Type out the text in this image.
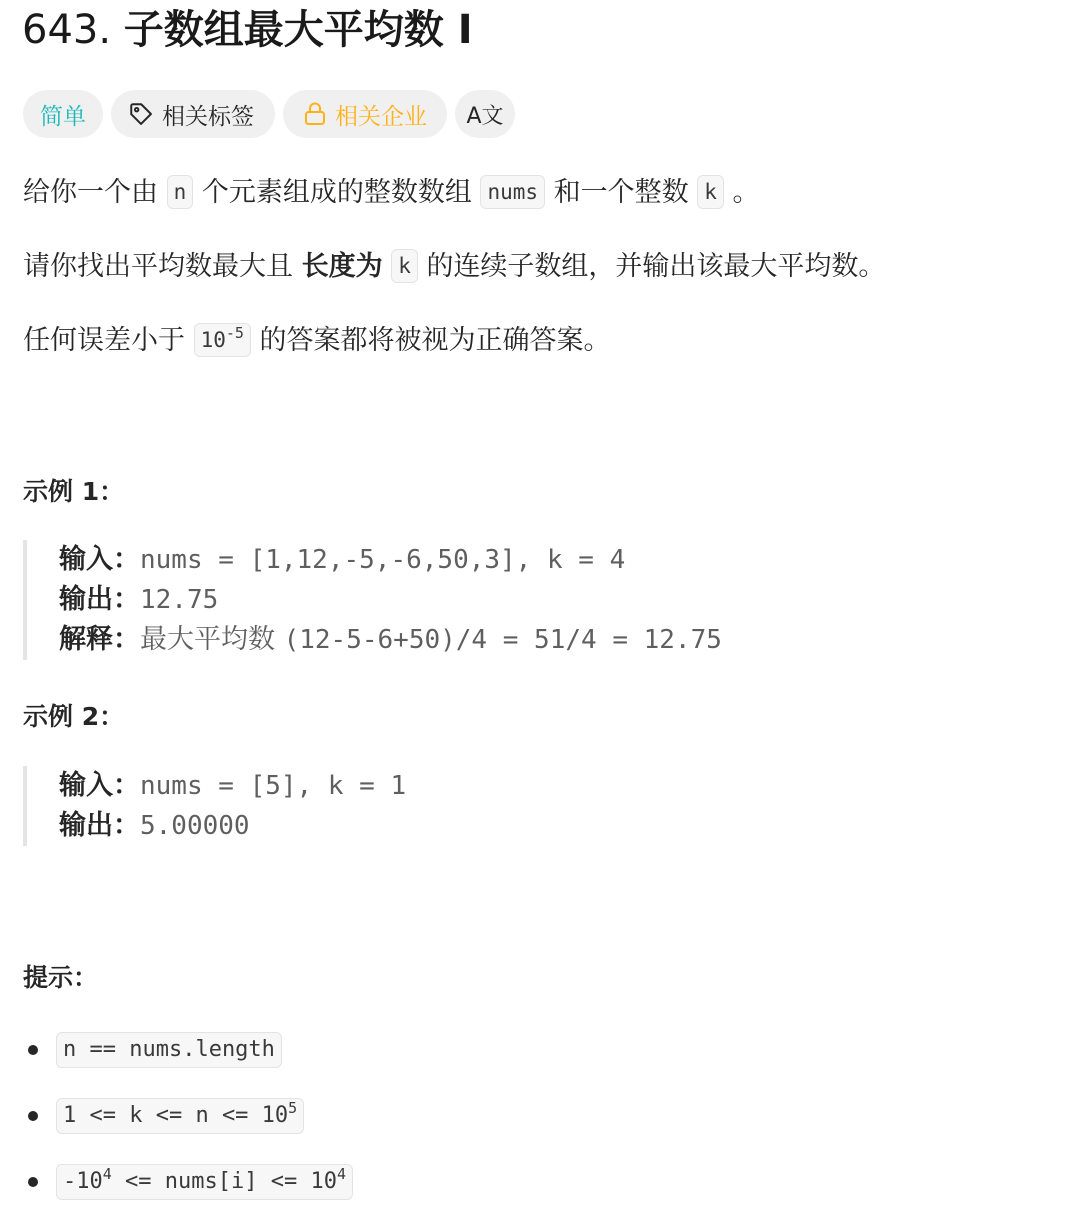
643. 子数组最大平均数 I
简单	相关标签	相关企业 A文
给你一个由 n 个元素组成的整数数组 nums 和一个整数 k 。
请你找出平均数最大且 长度为 k 的连续子数组，并输出该最大平均数。
任何误差小于 $10^{-5}$ 的答案都将被视为正确答案。
示例 1：
输入：nums = [1,12,-5,-6,50,3], k = 4
输出：12.75
解释：最大平均数 (12-5-6+50)/4 = 51/4 = 12.75
示例 2：
输入：nums = [5], k = 1
输出：5.00000
提示：
n == nums.length
$1 <= k <= n <= 10^5$
$-10^4$ <= nums[i] <= $10^4$
